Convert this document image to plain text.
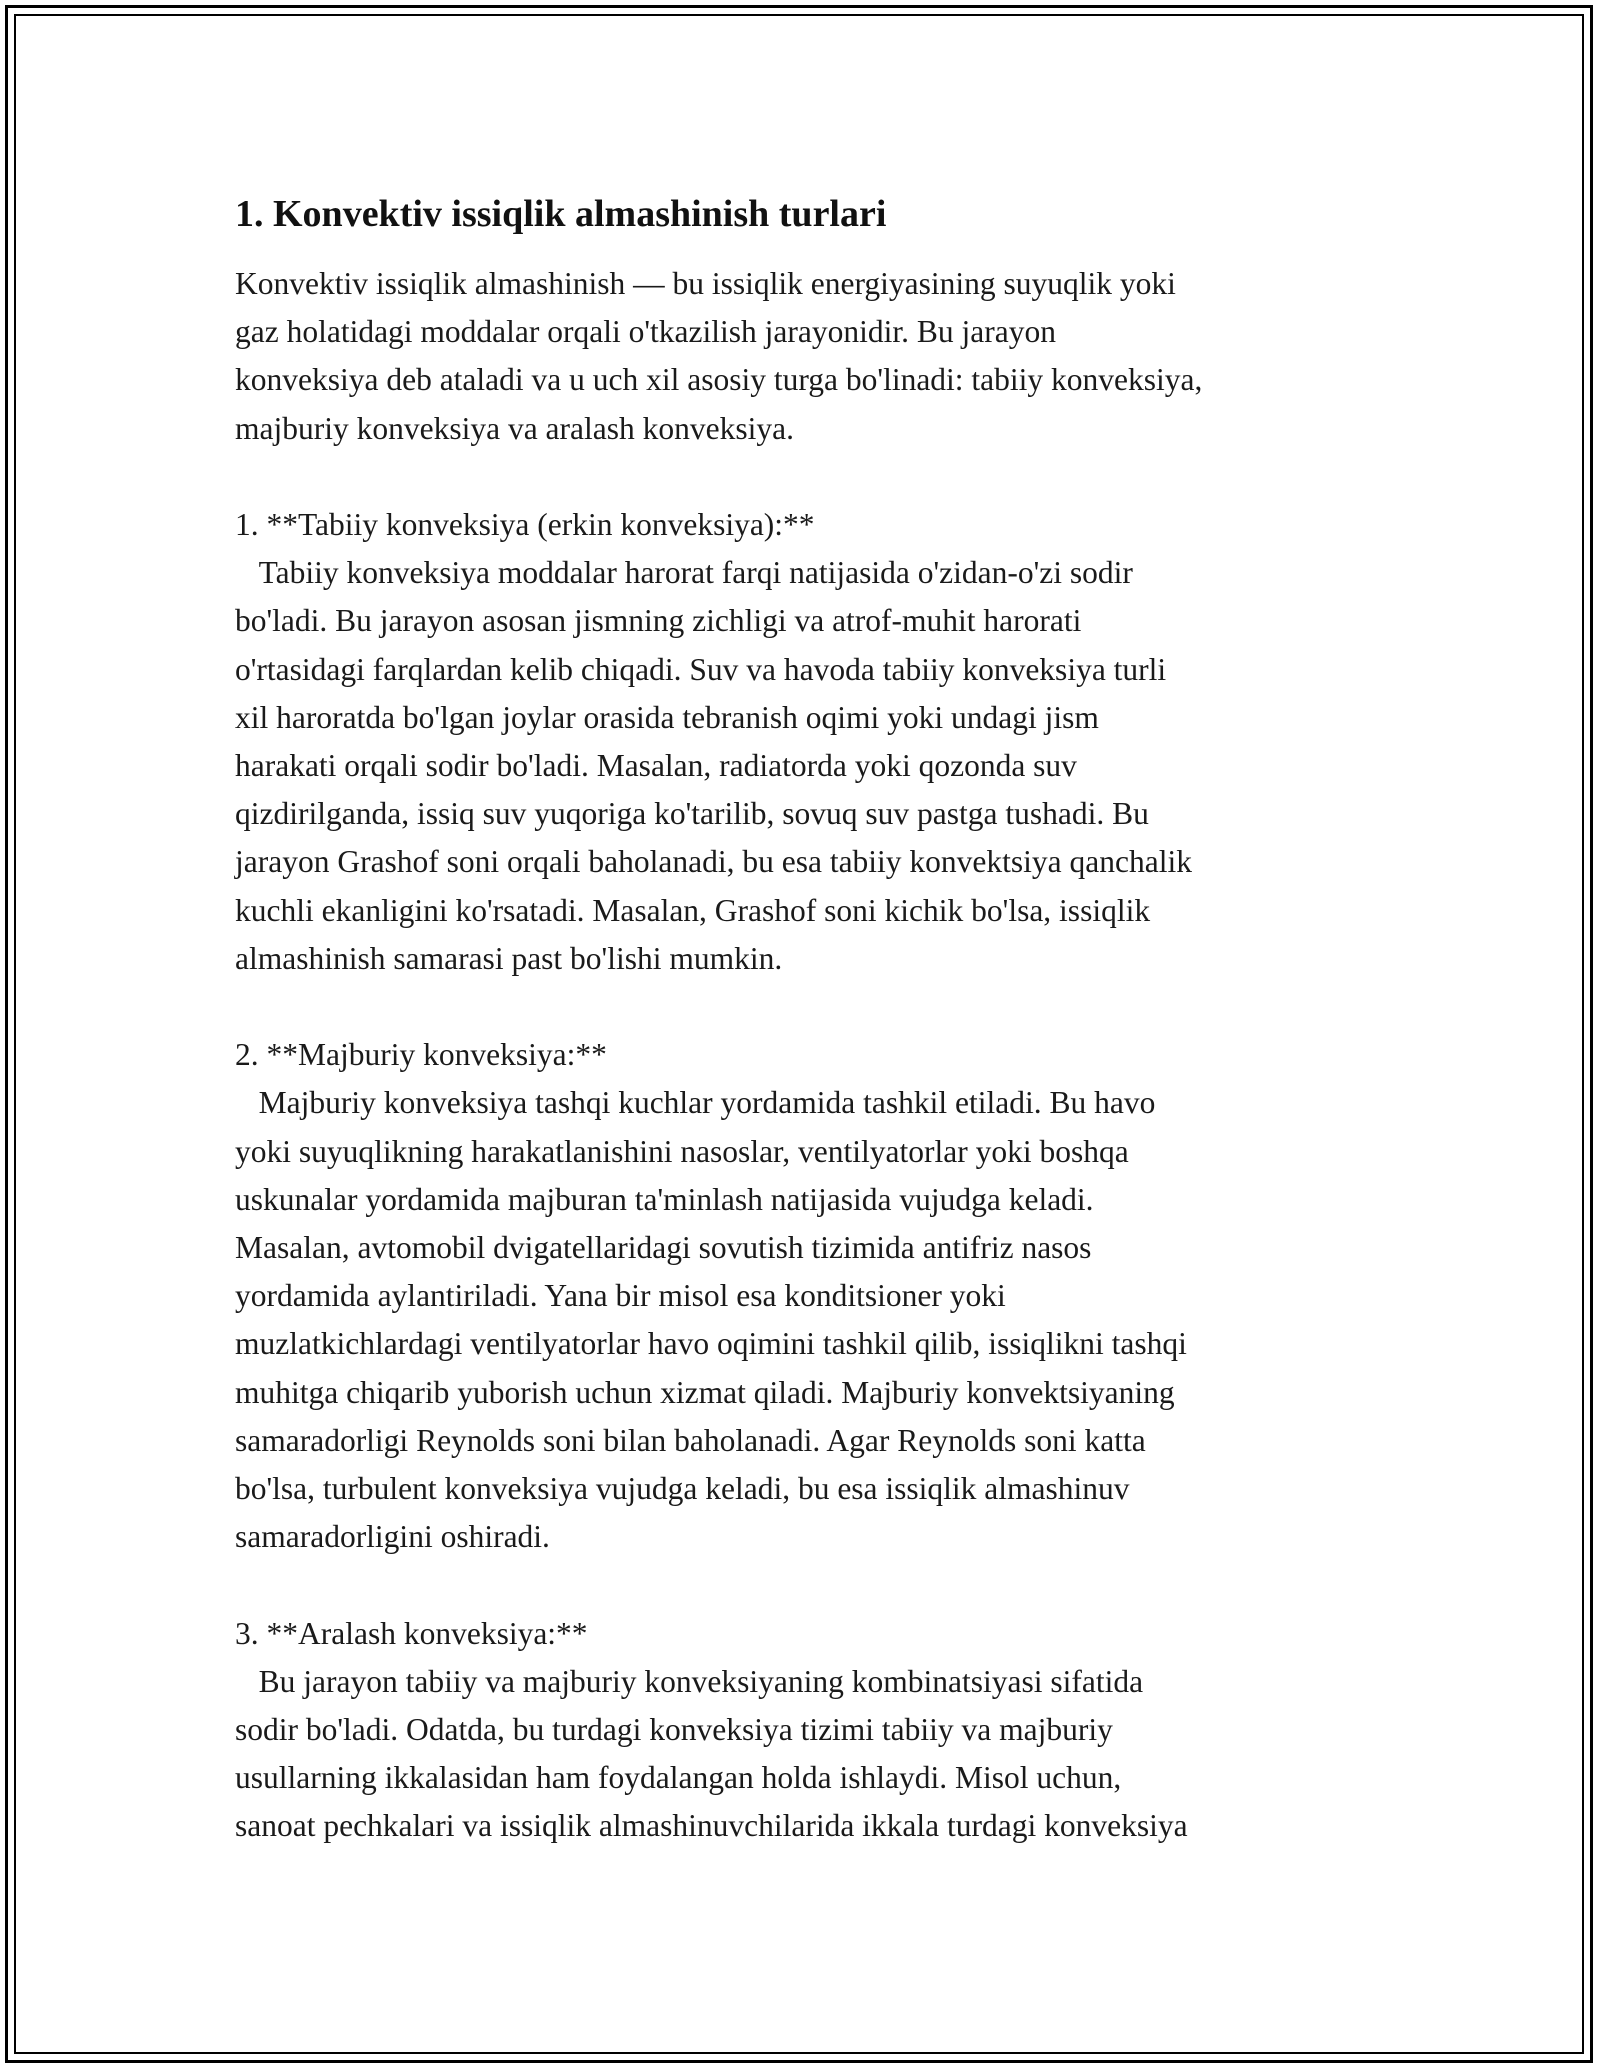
1. Konvektiv issiqlik almashinish turlari

Konvektiv issiqlik almashinish — bu issiqlik energiyasining suyuqlik yoki
gaz holatidagi moddalar orqali o'tkazilish jarayonidir. Bu jarayon
konveksiya deb ataladi va u uch xil asosiy turga bo'linadi: tabiiy konveksiya,
majburiy konveksiya va aralash konveksiya.

1. **Tabiiy konveksiya (erkin konveksiya):**

Tabiiy konveksiya moddalar harorat farqi natijasida o'zidan-o'zi sodir
bo'ladi. Bu jarayon asosan jismning zichligi va atrof-muhit harorati
o'rtasidagi farqlardan kelib chiqadi. Suv va havoda tabiiy konveksiya turli
xil haroratda bo'lgan joylar orasida tebranish oqimi yoki undagi jism
harakati orqali sodir bo'ladi. Masalan, radiatorda yoki qozonda suv
qizdirilganda, issiq suv yuqoriga ko'tarilib, sovuq suv pastga tushadi. Bu
jarayon Grashof soni orqali baholanadi, bu esa tabiiy konvektsiya qanchalik
kuchli ekanligini ko'rsatadi. Masalan, Grashof soni kichik bo'lsa, issiqlik
almashinish samarasi past bo'lishi mumkin.

2. **Majburiy konveksiya:**

Majburiy konveksiya tashqi kuchlar yordamida tashkil etiladi. Bu havo
yoki suyuqlikning harakatlanishini nasoslar, ventilyatorlar yoki boshqa
uskunalar yordamida majburan ta'minlash natijasida vujudga keladi.
Masalan, avtomobil dvigatellaridagi sovutish tizimida antifriz nasos
yordamida aylantiriladi. Yana bir misol esa konditsioner yoki
muzlatkichlardagi ventilyatorlar havo oqimini tashkil qilib, issiqlikni tashqi
muhitga chiqarib yuborish uchun xizmat qiladi. Majburiy konvektsiyaning
samaradorligi Reynolds soni bilan baholanadi. Agar Reynolds soni katta
bo'lsa, turbulent konveksiya vujudga keladi, bu esa issiqlik almashinuv
samaradorligini oshiradi.

3. **Aralash konveksiya:**

Bu jarayon tabiiy va majburiy konveksiyaning kombinatsiyasi sifatida
sodir bo'ladi. Odatda, bu turdagi konveksiya tizimi tabiiy va majburiy
usullarning ikkalasidan ham foydalangan holda ishlaydi. Misol uchun,
sanoat pechkalari va issiqlik almashinuvchilarida ikkala turdagi konveksiya
